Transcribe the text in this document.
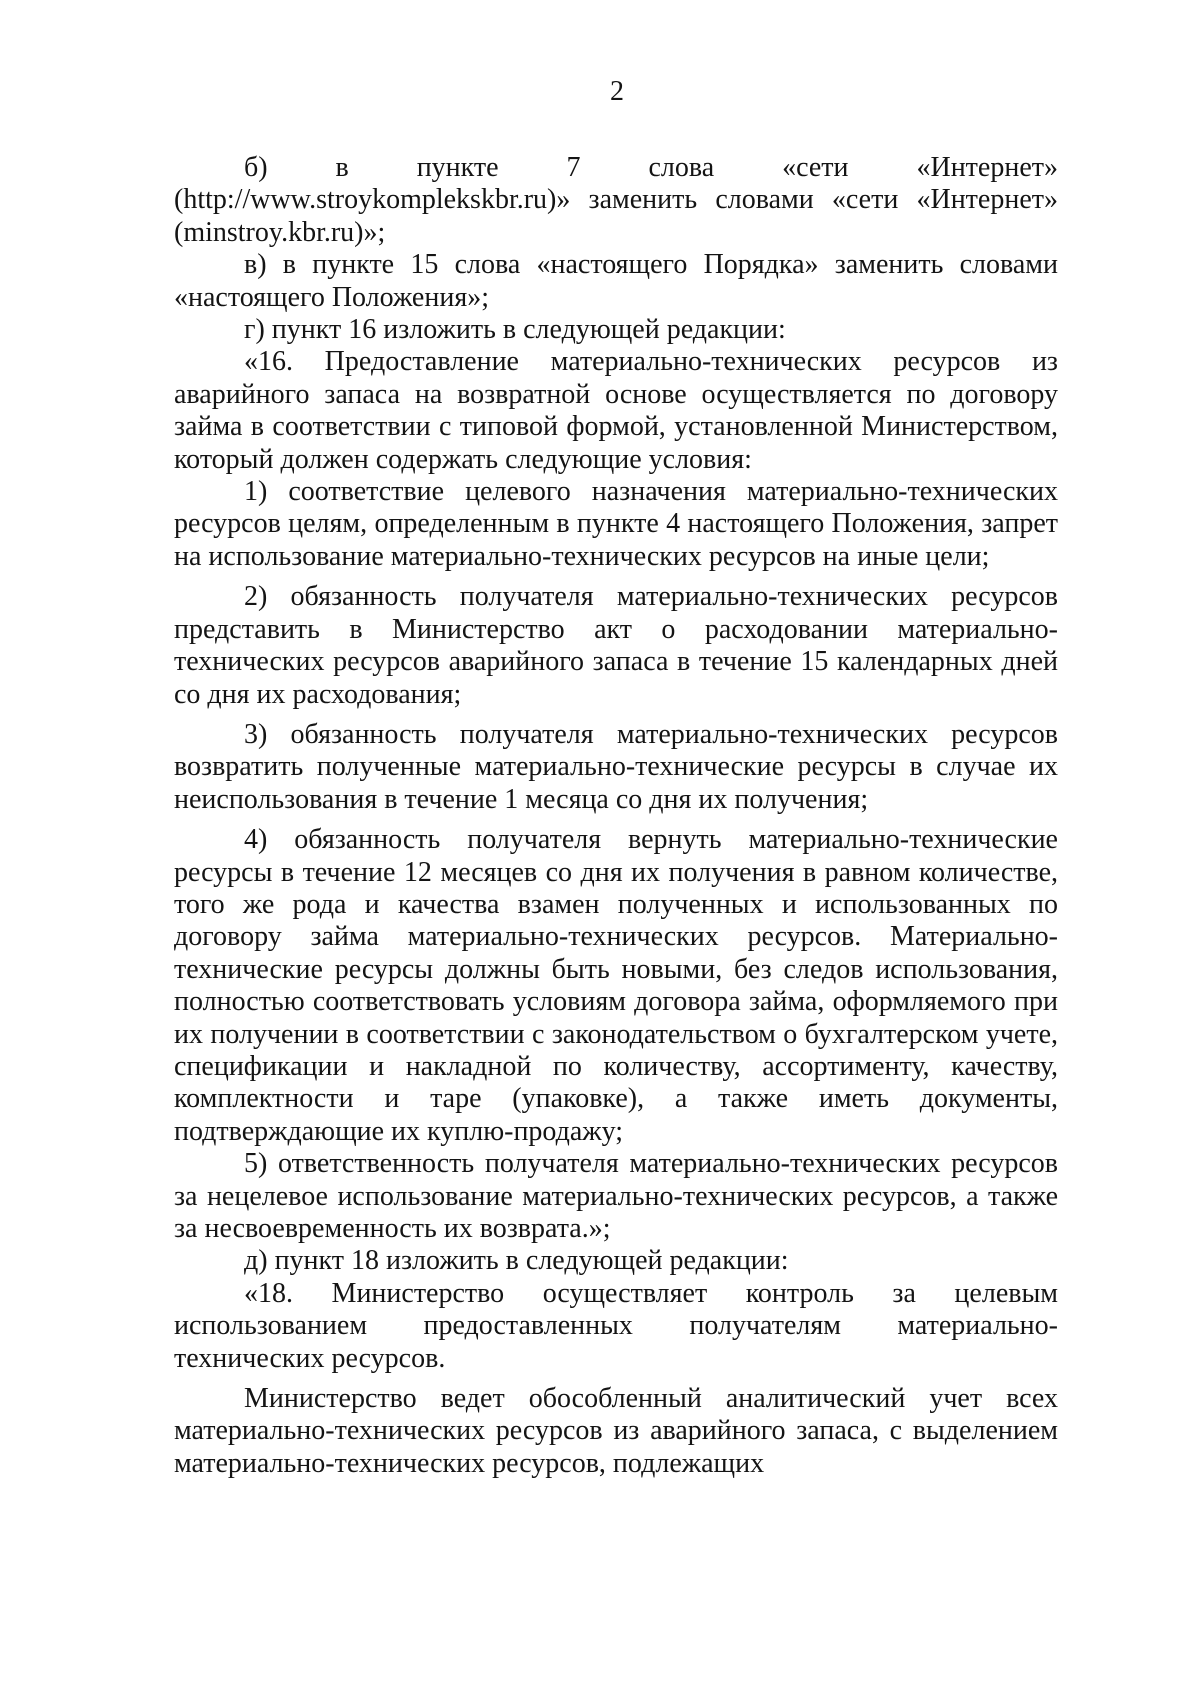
2

б) в пункте 7 слова «сети «Интернет» (http://www.stroykomplekskbr.ru)» заменить словами «сети «Интернет» (minstroy.kbr.ru)»;

в) в пункте 15 слова «настоящего Порядка» заменить словами «настоящего Положения»;

г) пункт 16 изложить в следующей редакции:

«16. Предоставление материально-технических ресурсов из аварийного запаса на возвратной основе осуществляется по договору займа в соответствии с типовой формой, установленной Министерством, который должен содержать следующие условия:

1) соответствие целевого назначения материально-технических ресурсов целям, определенным в пункте 4 настоящего Положения, запрет на использование материально-технических ресурсов на иные цели;

2) обязанность получателя материально-технических ресурсов представить в Министерство акт о расходовании материально-технических ресурсов аварийного запаса в течение 15 календарных дней со дня их расходования;

3) обязанность получателя материально-технических ресурсов возвратить полученные материально-технические ресурсы в случае их неиспользования в течение 1 месяца со дня их получения;

4) обязанность получателя вернуть материально-технические ресурсы в течение 12 месяцев со дня их получения в равном количестве, того же рода и качества взамен полученных и использованных по договору займа материально-технических ресурсов. Материально-технические ресурсы должны быть новыми, без следов использования, полностью соответствовать условиям договора займа, оформляемого при их получении в соответствии с законодательством о бухгалтерском учете, спецификации и накладной по количеству, ассортименту, качеству, комплектности и таре (упаковке), а также иметь документы, подтверждающие их куплю-продажу;

5) ответственность получателя материально-технических ресурсов за нецелевое использование материально-технических ресурсов, а также за несвоевременность их возврата.»;

д) пункт 18 изложить в следующей редакции:

«18. Министерство осуществляет контроль за целевым использованием предоставленных получателям материально-технических ресурсов.

Министерство ведет обособленный аналитический учет всех материально-технических ресурсов из аварийного запаса, с выделением материально-технических ресурсов, подлежащих
